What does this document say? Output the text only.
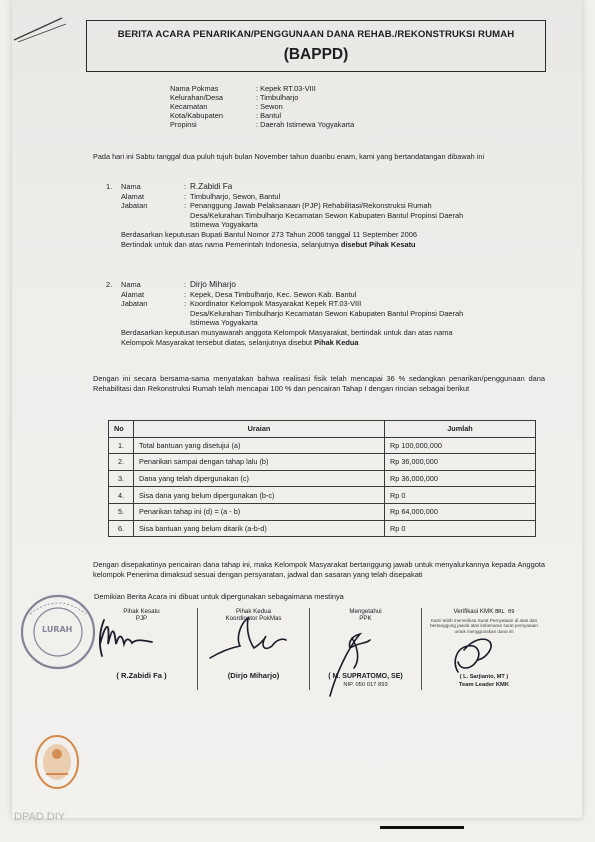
BERITA ACARA PENARIKAN/PENGGUNAAN DANA REHAB./REKONSTRUKSI RUMAH
(BAPPD)
Nama Pokmas	: Kepek RT.03-VIII
Kelurahan/Desa	: Timbulharjo
Kecamatan	: Sewon
Kota/Kabupaten	: Bantul
Propinsi	: Daerah Istimewa Yogyakarta
Pada hari ini Sabtu tanggal dua puluh tujuh bulan November tahun duaribu enam, kami yang bertandatangan dibawah ini
1.	Nama	: R.Zabidi Fa
Alamat	: Timbulharjo, Sewon, Bantul
Jabatan	: Penanggung Jawab Pelaksanaan (PJP) Rehabilitasi/Rekonstruksi Rumah
Desa/Kelurahan Timbulharjo Kecamatan Sewon Kabupaten Bantul Propinsi Daerah
Istimewa Yogyakarta
Berdasarkan keputusan Bupati Bantul Nomor 273 Tahun 2006 tanggal 11 September 2006
Bertindak untuk dan atas nama Pemerintah Indonesia, selanjutnya disebut Pihak Kesatu
2.	Nama	: Dirjo Miharjo
Alamat	: Kepek, Desa Timbulharjo, Kec. Sewon Kab. Bantul
Jabatan	: Koordinator Kelompok Masyarakat Kepek RT.03-VIII
Desa/Kelurahan Timbulharjo Kecamatan Sewon Kabupaten Bantul Propinsi Daerah
Istimewa Yogyakarta
Berdasarkan keputusan musyawarah anggota Kelompok Masyarakat, bertindak untuk dan atas nama
Kelompok Masyarakat tersebut diatas, selanjutnya disebut Pihak Kedua
Dengan ini secara bersama-sama menyatakan bahwa realisasi fisik telah mencapai 36 % sedangkan penarikan/penggunaan dana Rehabilitasi dan Rekonstruksi Rumah telah mencapai 100 % dan pencairan Tahap I dengan rincian sebagai berikut
No	Uraian	Jumlah
1.	Total bantuan yang disetujui (a)	Rp 100,000,000
2.	Penarikan sampai dengan tahap lalu (b)	Rp 36,000,000
3.	Dana yang telah dipergunakan (c)	Rp 36,000,000
4.	Sisa dana yang belum dipergunakan (b-c)	Rp 0
5.	Penarikan tahap ini (d) = (a - b)	Rp 64,000,000
6.	Sisa bantuan yang belum ditarik (a-b-d)	Rp 0
Dengan disepakatinya pencairan dana tahap ini, maka Kelompok Masyarakat bertanggung jawab untuk menyalurkannya kepada Anggota kelompok Penerima dimaksud sesuai dengan persyaratan, jadwal dan sasaran yang telah disepakati
Demikian Berita Acara ini dibuat untuk dipergunakan sebagaimana mestinya
Pihak Kesatu
PJP
( R.Zabidi Fa )
Pihak Kedua
Koordinator PokMas
(Dirjo Miharjo)
Mengetahui
PPK
( M. SUPRATOMO, SE)
NIP. 050 017 893
Verifikasi KMK BRL 09
Kami telah memeriksa Surat Pernyataan di atas dan bertanggung jawab atas kebenaran surat pernyataan untuk menggunakan dana ini
( L. Sarjianto, MT )
Team Leader KMK
LURAH
DPAD DIY
